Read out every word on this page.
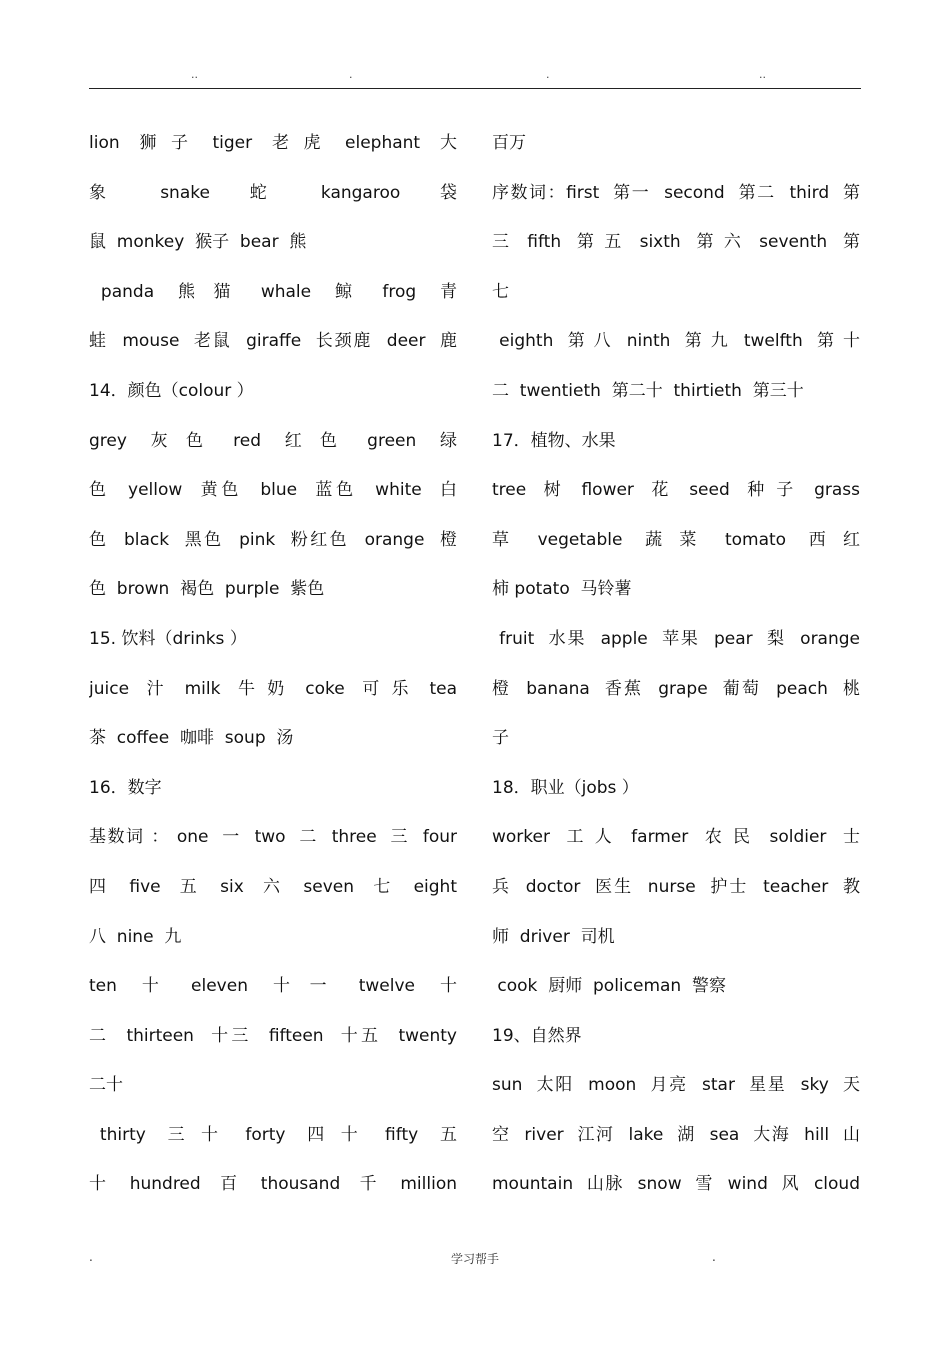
..	.	.	..
lion  狮 子  tiger  老 虎  elephant  大
象  snake  蛇  kangaroo  袋
鼠  monkey  猴子  bear  熊
panda  熊 猫  whale  鲸  frog  青
蛙  mouse  老鼠  giraffe  长颈鹿  deer  鹿
14．颜色（colour ）
grey  灰 色  red  红 色  green  绿
色  yellow  黄色  blue  蓝色  white  白
色  black  黑色  pink  粉红色  orange  橙
色  brown  褐色  purple  紫色
15. 饮料（drinks ）
juice  汁  milk  牛 奶  coke  可 乐  tea
茶  coffee  咖啡  soup  汤
16．数字
基数词 ： one  一  two  二  three  三  four
四  five  五  six  六  seven  七  eight
八  nine  九
ten  十  eleven  十 一  twelve  十
二  thirteen  十三  fifteen  十五  twenty
二十
thirty  三 十  forty  四 十  fifty  五
十  hundred  百  thousand  千  million
百万
序数词：first  第一  second  第二  third  第
三  fifth  第 五  sixth  第 六  seventh  第
七
eighth  第 八  ninth  第 九  twelfth  第 十
二  twentieth  第二十  thirtieth  第三十
17．植物、水果
tree  树  flower  花  seed  种 子  grass
草  vegetable  蔬 菜  tomato  西 红
柿 potato  马铃薯
fruit  水果  apple  苹果  pear  梨  orange
橙  banana  香蕉  grape  葡萄  peach  桃
子
18．职业（jobs ）
worker  工 人  farmer  农 民  soldier  士
兵  doctor  医生  nurse  护士  teacher  教
师  driver  司机
cook  厨师  policeman  警察
19、自然界
sun  太阳  moon  月亮  star  星星  sky  天
空  river  江河  lake  湖  sea  大海  hill  山
mountain  山脉  snow  雪  wind  风  cloud
.	学习帮手	.
